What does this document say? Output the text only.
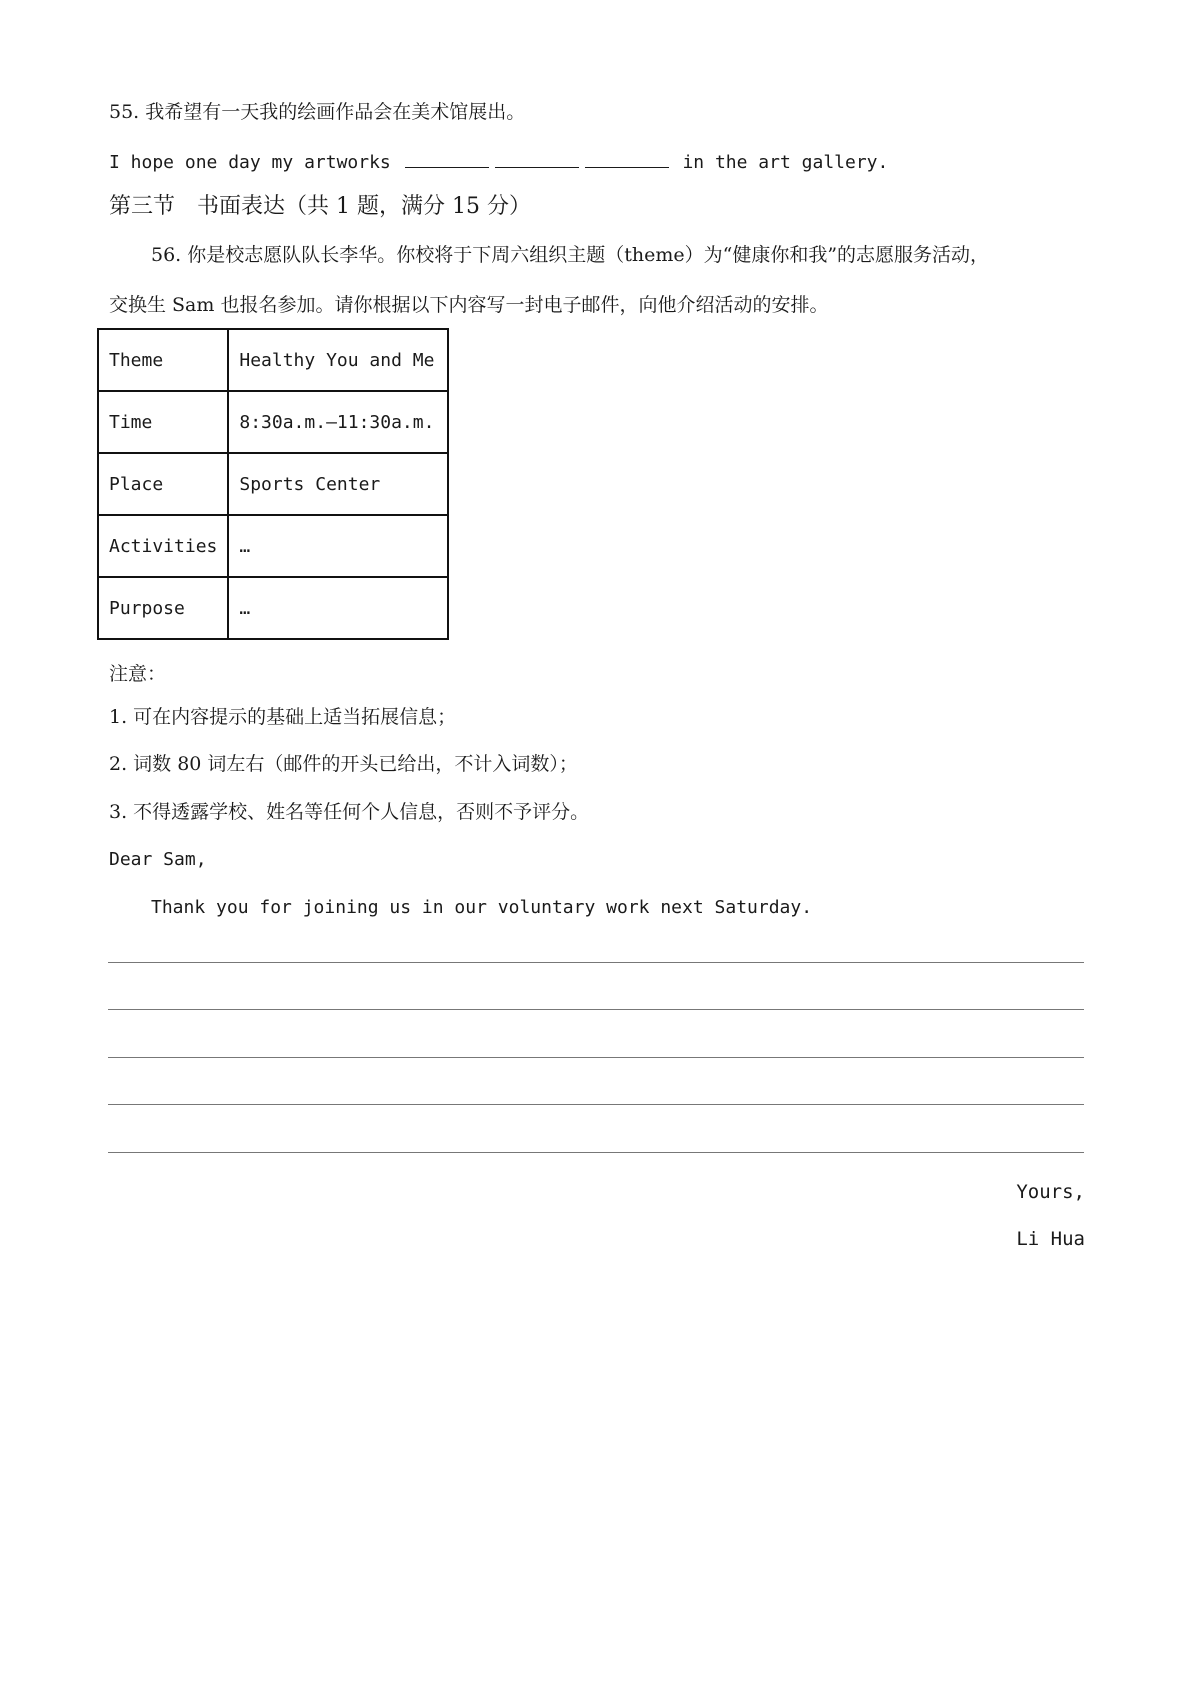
55. 我希望有一天我的绘画作品会在美术馆展出。
I hope one day my artworks	in the art gallery.
第三节　书面表达（共 1 题，满分 15 分）
56. 你是校志愿队队长李华。你校将于下周六组织主题（theme）为“健康你和我”的志愿服务活动，
交换生 Sam 也报名参加。请你根据以下内容写一封电子邮件，向他介绍活动的安排。
Theme	Healthy You and Me
Time	8:30a.m.—11:30a.m.
Place	Sports Center
Activities	…
Purpose	…
注意：
1. 可在内容提示的基础上适当拓展信息；
2. 词数 80 词左右（邮件的开头已给出，不计入词数）；
3. 不得透露学校、姓名等任何个人信息，否则不予评分。
Dear Sam,
Thank you for joining us in our voluntary work next Saturday.
Yours,
Li Hua
